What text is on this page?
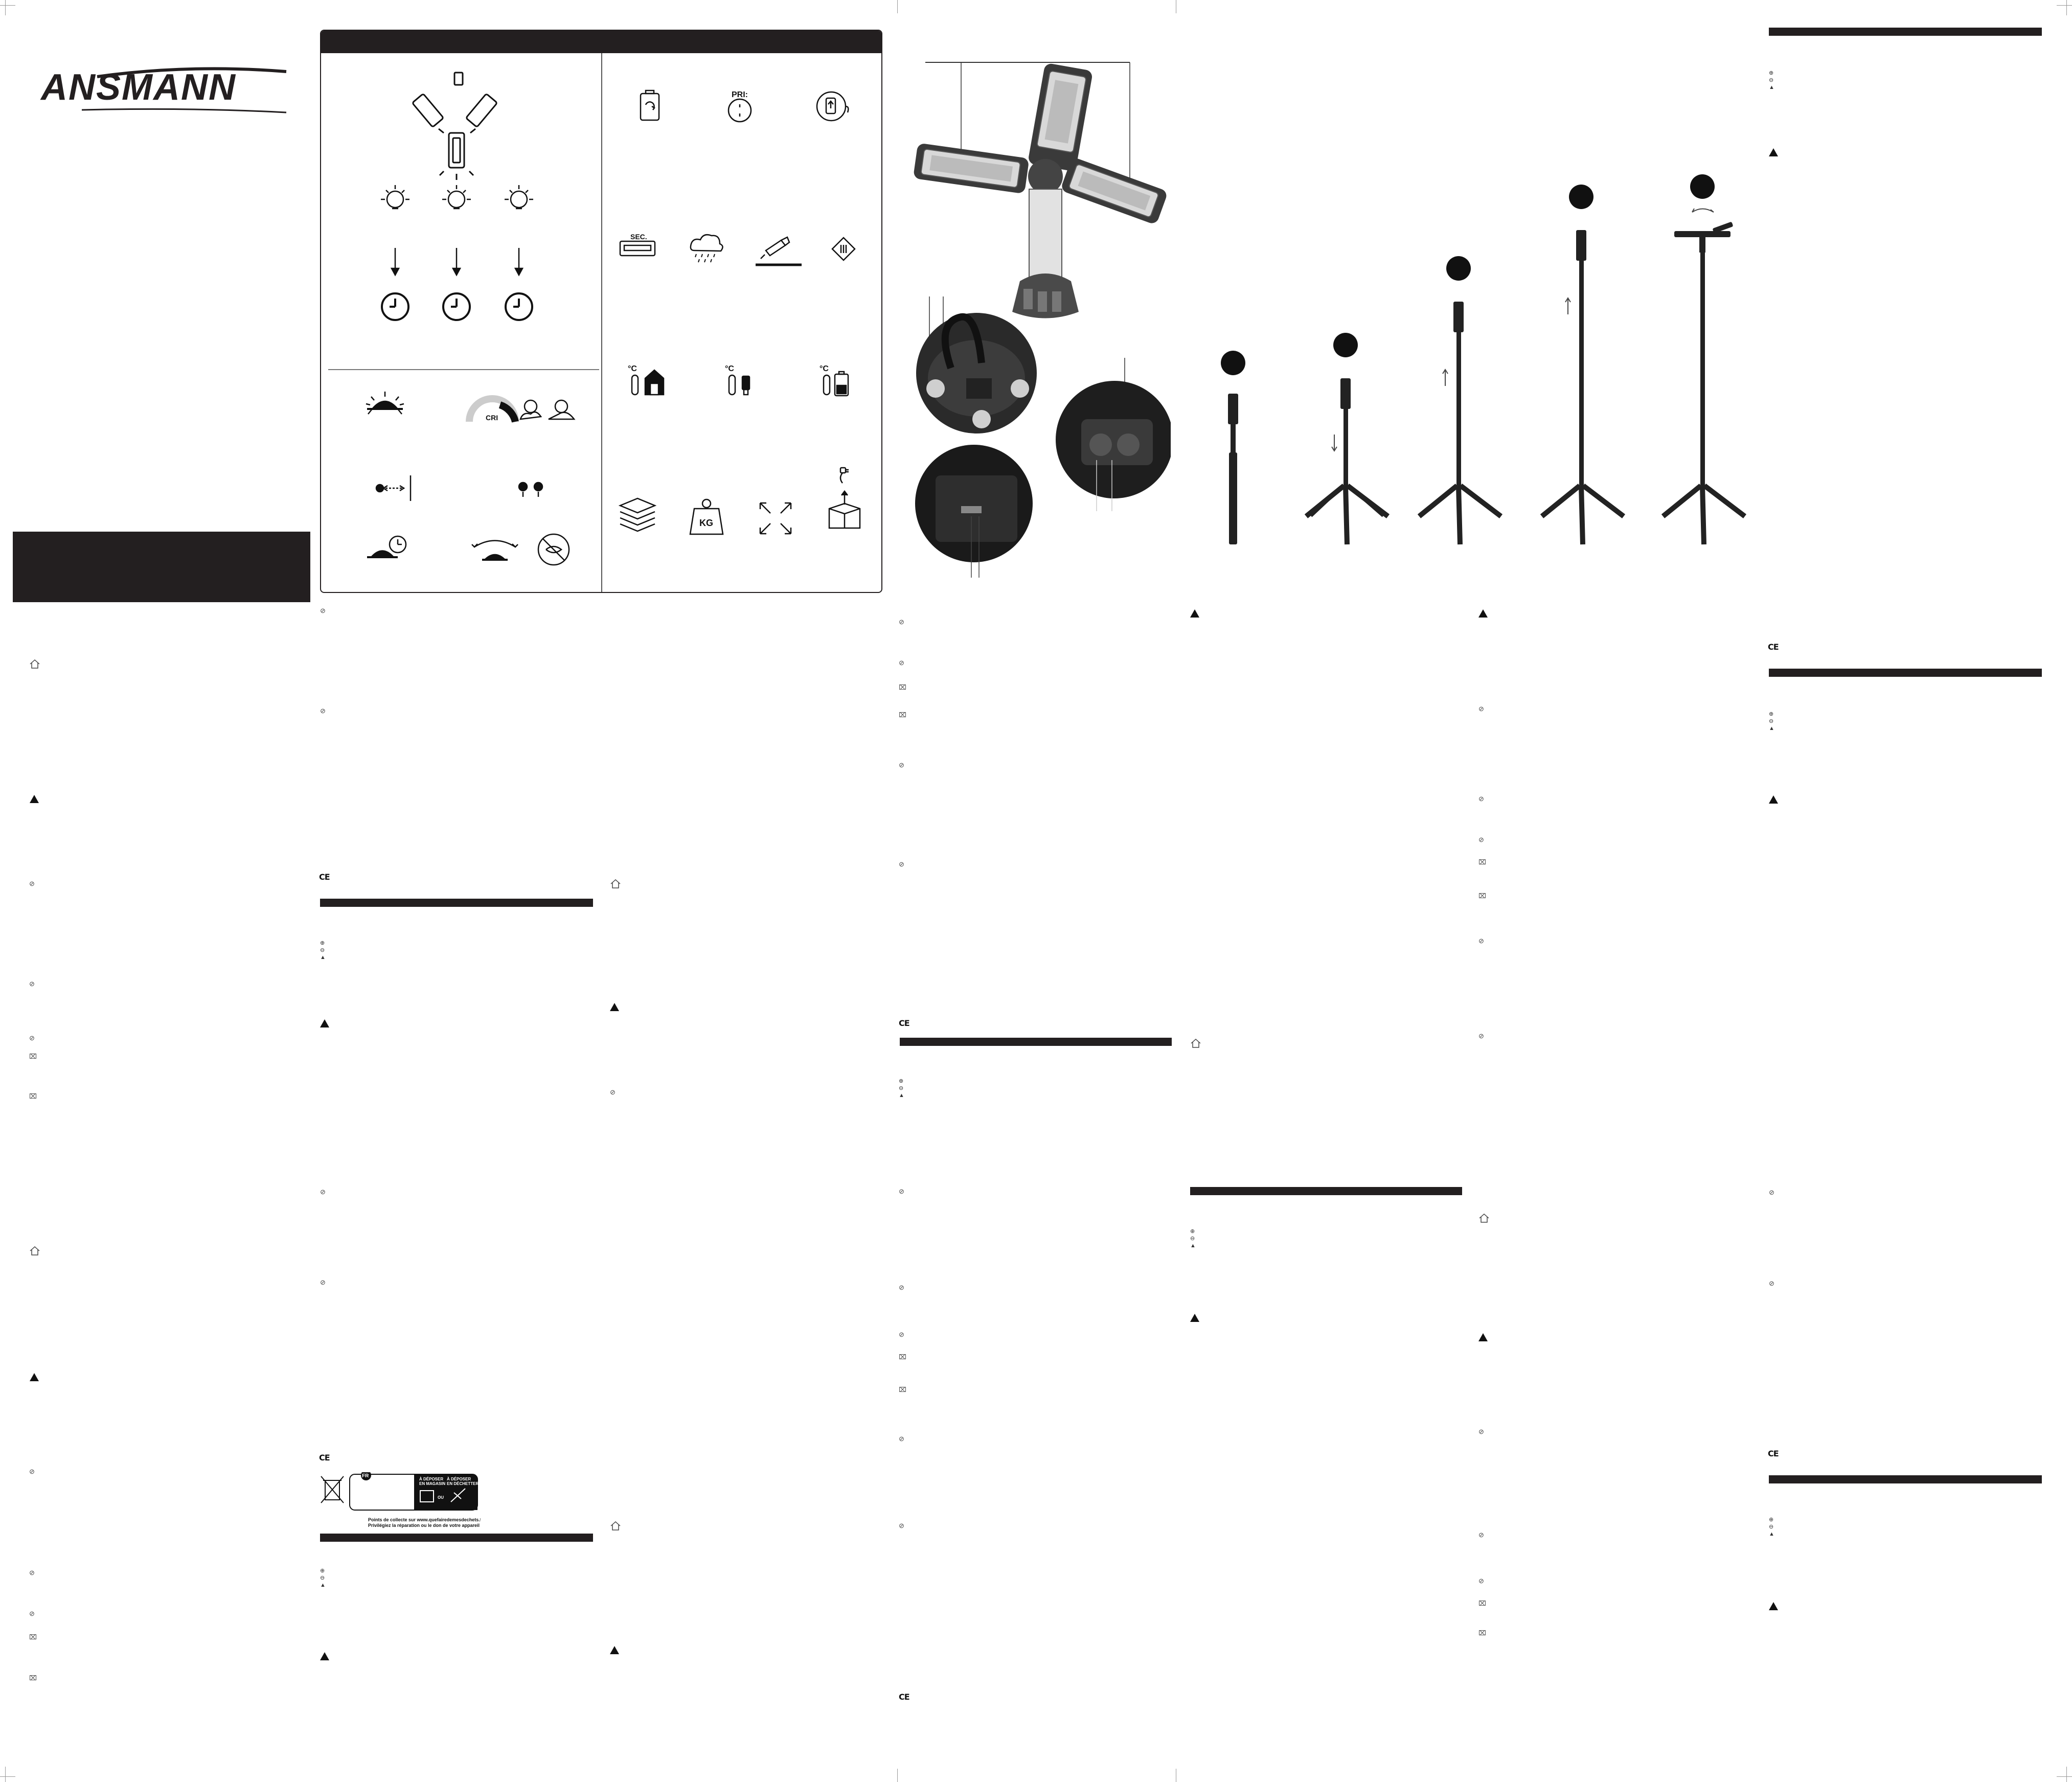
ANSMANN
⊘
⊘
⊘
⌧
⌧
⊘
⊘
⊘
⌧
⌧
CRI
PRI:
SEC.
°C	°C	°C
KG
⊘
⊘
CE
⊕
⊖
▲
⊘
⊘
CE
FR
À DÉPOSER
EN MAGASIN
À DÉPOSER
EN DÉCHETTERIE
OU
Points de collecte sur www.quefairedemesdechets.fr
Privilégiez la réparation ou le don de votre appareil !
⊕
⊖
▲
⊘
⊘
⊘
⌧
⌧
⊘
⊘
CE
⊕
⊖
▲
⊘
⊘
⊘
⌧
⌧
⊘
⊘
CE
⊕
⊖
▲
⊘
⊘
⊘
⌧
⌧
⊘
⊘
⊘
⊘
⊘
⌧
⌧
⊕
⊖
▲
CE
⊕
⊖
▲
⊘
⊘
CE
⊕
⊖
▲
